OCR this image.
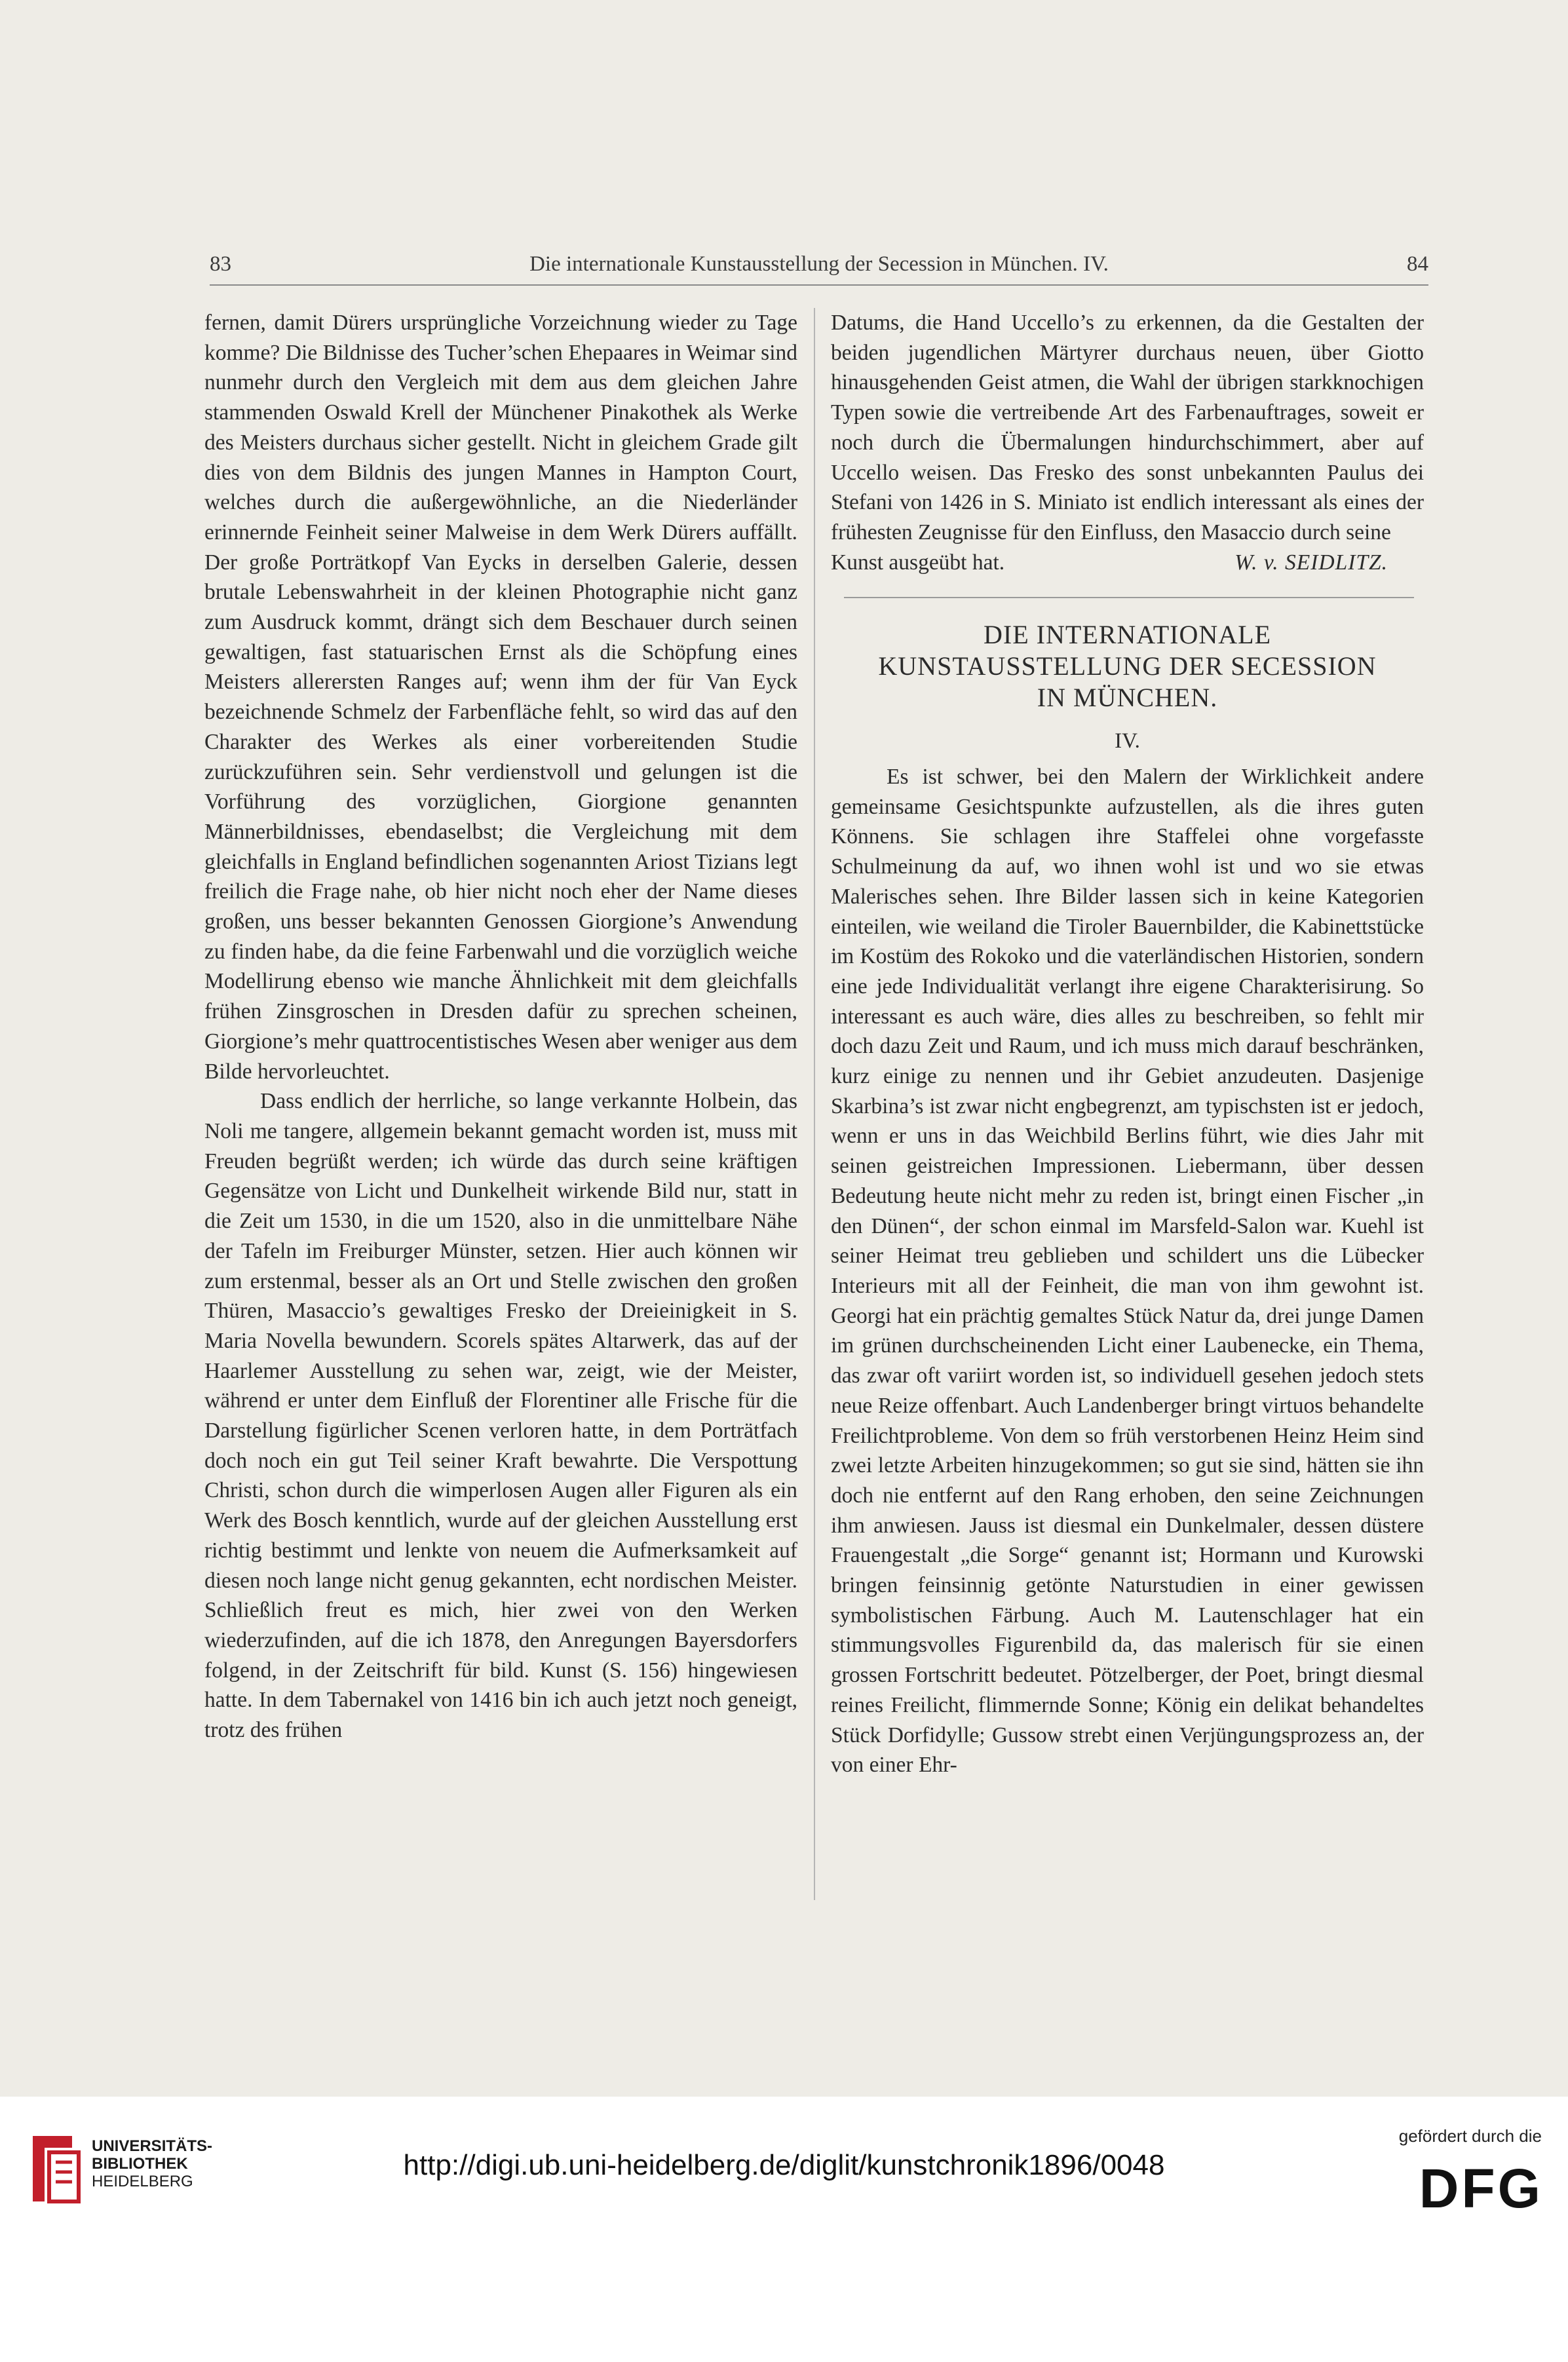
83	Die internationale Kunstausstellung der Secession in München. IV.	84

fernen, damit Dürers ursprüngliche Vorzeichnung wieder zu Tage komme? Die Bildnisse des Tucher’schen Ehepaares in Weimar sind nunmehr durch den Vergleich mit dem aus dem gleichen Jahre stammenden Oswald Krell der Münchener Pinakothek als Werke des Meisters durchaus sicher gestellt. Nicht in gleichem Grade gilt dies von dem Bildnis des jungen Mannes in Hampton Court, welches durch die außergewöhnliche, an die Niederländer erinnernde Feinheit seiner Malweise in dem Werk Dürers auffällt. Der große Porträtkopf Van Eycks in derselben Galerie, dessen brutale Lebenswahrheit in der kleinen Photographie nicht ganz zum Ausdruck kommt, drängt sich dem Beschauer durch seinen gewaltigen, fast statuarischen Ernst als die Schöpfung eines Meisters allerersten Ranges auf; wenn ihm der für Van Eyck bezeichnende Schmelz der Farbenfläche fehlt, so wird das auf den Charakter des Werkes als einer vorbereitenden Studie zurückzuführen sein. Sehr verdienstvoll und gelungen ist die Vorführung des vorzüglichen, Giorgione genannten Männerbildnisses, ebendaselbst; die Vergleichung mit dem gleichfalls in England befindlichen sogenannten Ariost Tizians legt freilich die Frage nahe, ob hier nicht noch eher der Name dieses großen, uns besser bekannten Genossen Giorgione’s Anwendung zu finden habe, da die feine Farbenwahl und die vorzüglich weiche Modellirung ebenso wie manche Ähnlichkeit mit dem gleichfalls frühen Zinsgroschen in Dresden dafür zu sprechen scheinen, Giorgione’s mehr quattrocentistisches Wesen aber weniger aus dem Bilde hervorleuchtet.

Dass endlich der herrliche, so lange verkannte Holbein, das Noli me tangere, allgemein bekannt gemacht worden ist, muss mit Freuden begrüßt werden; ich würde das durch seine kräftigen Gegensätze von Licht und Dunkelheit wirkende Bild nur, statt in die Zeit um 1530, in die um 1520, also in die unmittelbare Nähe der Tafeln im Freiburger Münster, setzen. Hier auch können wir zum erstenmal, besser als an Ort und Stelle zwischen den großen Thüren, Masaccio’s gewaltiges Fresko der Dreieinigkeit in S. Maria Novella bewundern. Scorels spätes Altarwerk, das auf der Haarlemer Ausstellung zu sehen war, zeigt, wie der Meister, während er unter dem Einfluß der Florentiner alle Frische für die Darstellung figürlicher Scenen verloren hatte, in dem Porträtfach doch noch ein gut Teil seiner Kraft bewahrte. Die Verspottung Christi, schon durch die wimperlosen Augen aller Figuren als ein Werk des Bosch kenntlich, wurde auf der gleichen Ausstellung erst richtig bestimmt und lenkte von neuem die Aufmerksamkeit auf diesen noch lange nicht genug gekannten, echt nordischen Meister. Schließlich freut es mich, hier zwei von den Werken wiederzufinden, auf die ich 1878, den Anregungen Bayersdorfers folgend, in der Zeitschrift für bild. Kunst (S. 156) hingewiesen hatte. In dem Tabernakel von 1416 bin ich auch jetzt noch geneigt, trotz des frühen

Datums, die Hand Uccello’s zu erkennen, da die Gestalten der beiden jugendlichen Märtyrer durchaus neuen, über Giotto hinausgehenden Geist atmen, die Wahl der übrigen starkknochigen Typen sowie die vertreibende Art des Farbenauftrages, soweit er noch durch die Übermalungen hindurchschimmert, aber auf Uccello weisen. Das Fresko des sonst unbekannten Paulus dei Stefani von 1426 in S. Miniato ist endlich interessant als eines der frühesten Zeugnisse für den Einfluss, den Masaccio durch seine

Kunst ausgeübt hat.	W. v. SEIDLITZ.
DIE INTERNATIONALE
KUNSTAUSSTELLUNG DER SECESSION
IN MÜNCHEN.
IV.

Es ist schwer, bei den Malern der Wirklichkeit andere gemeinsame Gesichtspunkte aufzustellen, als die ihres guten Könnens. Sie schlagen ihre Staffelei ohne vorgefasste Schulmeinung da auf, wo ihnen wohl ist und wo sie etwas Malerisches sehen. Ihre Bilder lassen sich in keine Kategorien einteilen, wie weiland die Tiroler Bauernbilder, die Kabinettstücke im Kostüm des Rokoko und die vaterländischen Historien, sondern eine jede Individualität verlangt ihre eigene Charakterisirung. So interessant es auch wäre, dies alles zu beschreiben, so fehlt mir doch dazu Zeit und Raum, und ich muss mich darauf beschränken, kurz einige zu nennen und ihr Gebiet anzudeuten. Dasjenige Skarbina’s ist zwar nicht engbegrenzt, am typischsten ist er jedoch, wenn er uns in das Weichbild Berlins führt, wie dies Jahr mit seinen geistreichen Impressionen. Liebermann, über dessen Bedeutung heute nicht mehr zu reden ist, bringt einen Fischer „in den Dünen“, der schon einmal im Marsfeld-Salon war. Kuehl ist seiner Heimat treu geblieben und schildert uns die Lübecker Interieurs mit all der Feinheit, die man von ihm gewohnt ist. Georgi hat ein prächtig gemaltes Stück Natur da, drei junge Damen im grünen durchscheinenden Licht einer Laubenecke, ein Thema, das zwar oft variirt worden ist, so individuell gesehen jedoch stets neue Reize offenbart. Auch Landenberger bringt virtuos behandelte Freilichtprobleme. Von dem so früh verstorbenen Heinz Heim sind zwei letzte Arbeiten hinzugekommen; so gut sie sind, hätten sie ihn doch nie entfernt auf den Rang erhoben, den seine Zeichnungen ihm anwiesen. Jauss ist diesmal ein Dunkelmaler, dessen düstere Frauengestalt „die Sorge“ genannt ist; Hormann und Kurowski bringen feinsinnig getönte Naturstudien in einer gewissen symbolistischen Färbung. Auch M. Lautenschlager hat ein stimmungsvolles Figurenbild da, das malerisch für sie einen grossen Fortschritt bedeutet. Pötzelberger, der Poet, bringt diesmal reines Freilicht, flimmernde Sonne; König ein delikat behandeltes Stück Dorfidylle; Gussow strebt einen Verjüngungsprozess an, der von einer Ehr-

UNIVERSITÄTS-
BIBLIOTHEK
HEIDELBERG
http://digi.ub.uni-heidelberg.de/diglit/kunstchronik1896/0048
gefördert durch die
DFG
